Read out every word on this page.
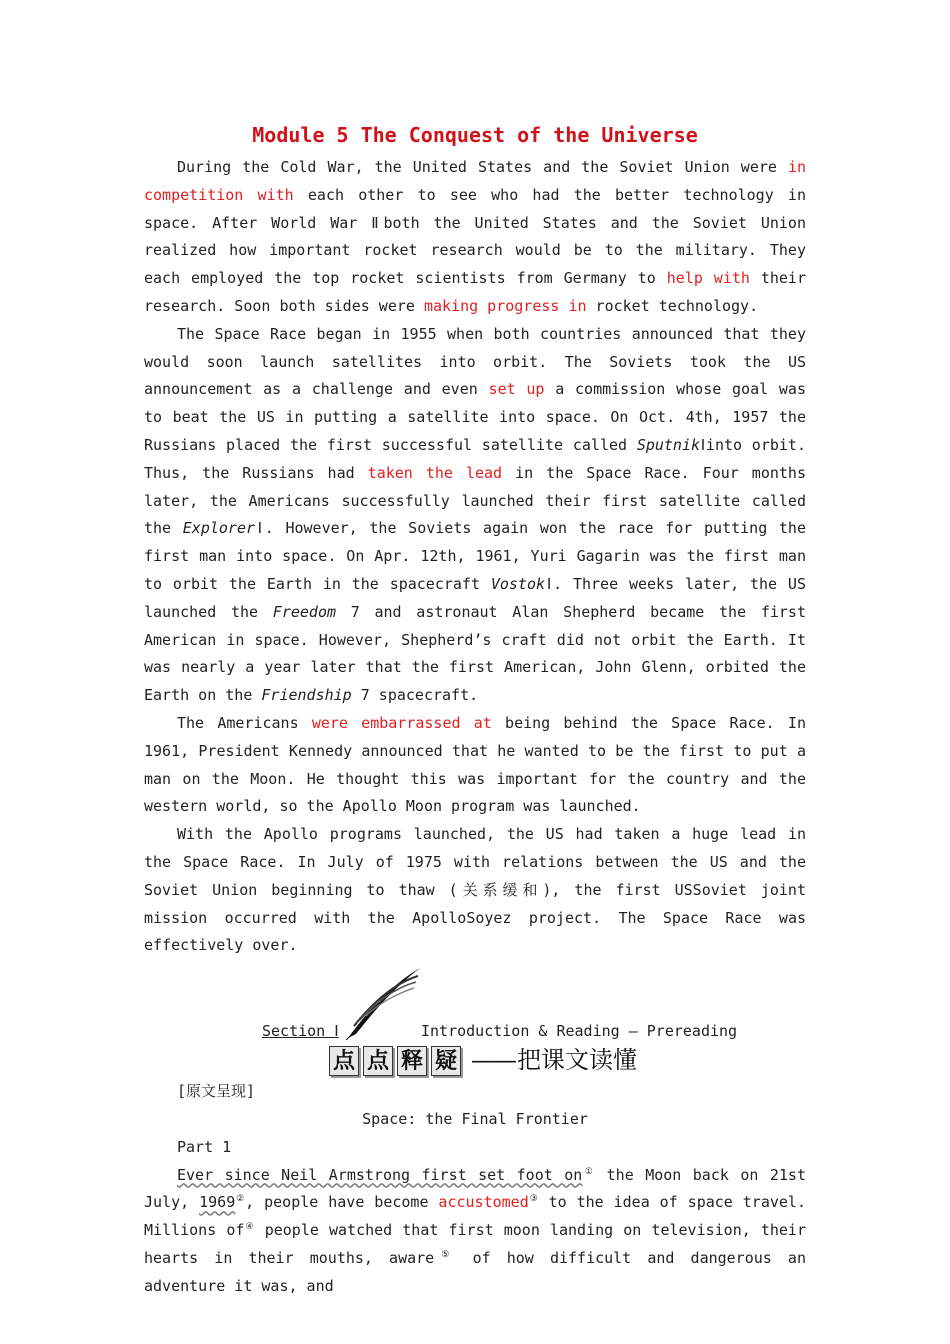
Module 5 The Conquest of the Universe

During the Cold War, the United States and the Soviet Union were in competition with each other to see who had the better technology in space. After World War Ⅱboth the United States and the Soviet Union realized how important rocket research would be to the military. They each employed the top rocket scientists from Germany to help with their research. Soon both sides were making progress in rocket technology.

The Space Race began in 1955 when both countries announced that they would soon launch satellites into orbit. The Soviets took the US announcement as a challenge and even set up a commission whose goal was to beat the US in putting a satellite into space. On Oct. 4th, 1957 the Russians placed the first successful satellite called SputnikⅠinto orbit. Thus, the Russians had taken the lead in the Space Race. Four months later, the Americans successfully launched their first satellite called the ExplorerⅠ. However, the Soviets again won the race for putting the first man into space. On Apr. 12th, 1961, Yuri Gagarin was the first man to orbit the Earth in the spacecraft VostokⅠ. Three weeks later, the US launched the Freedom 7 and astronaut Alan Shepherd became the first American in space. However, Shepherd’s craft did not orbit the Earth. It was nearly a year later that the first American, John Glenn, orbited the Earth on the Friendship 7 spacecraft.

The Americans were embarrassed at being behind the Space Race. In 1961, President Kennedy announced that he wanted to be the first to put a man on the Moon. He thought this was important for the country and the western world, so the Apollo Moon program was launched.

With the Apollo programs launched, the US had taken a huge lead in the Space Race. In July of 1975 with relations between the US and the Soviet Union beginning to thaw (关系缓和), the first USSoviet joint mission occurred with the ApolloSoyez project. The Space Race was effectively over.

Section Ⅰ	Introduction & Reading — Prereading
点 点 释 疑 —— 把课文读懂

[原文呈现]

Space: the Final Frontier

Part 1

Ever since Neil Armstrong first set foot on① the Moon back on 21st July, 1969②, people have become accustomed③ to the idea of space travel. Millions of④ people watched that first moon landing on television, their hearts in their mouths, aware⑤ of how difficult and dangerous an adventure it was, and
